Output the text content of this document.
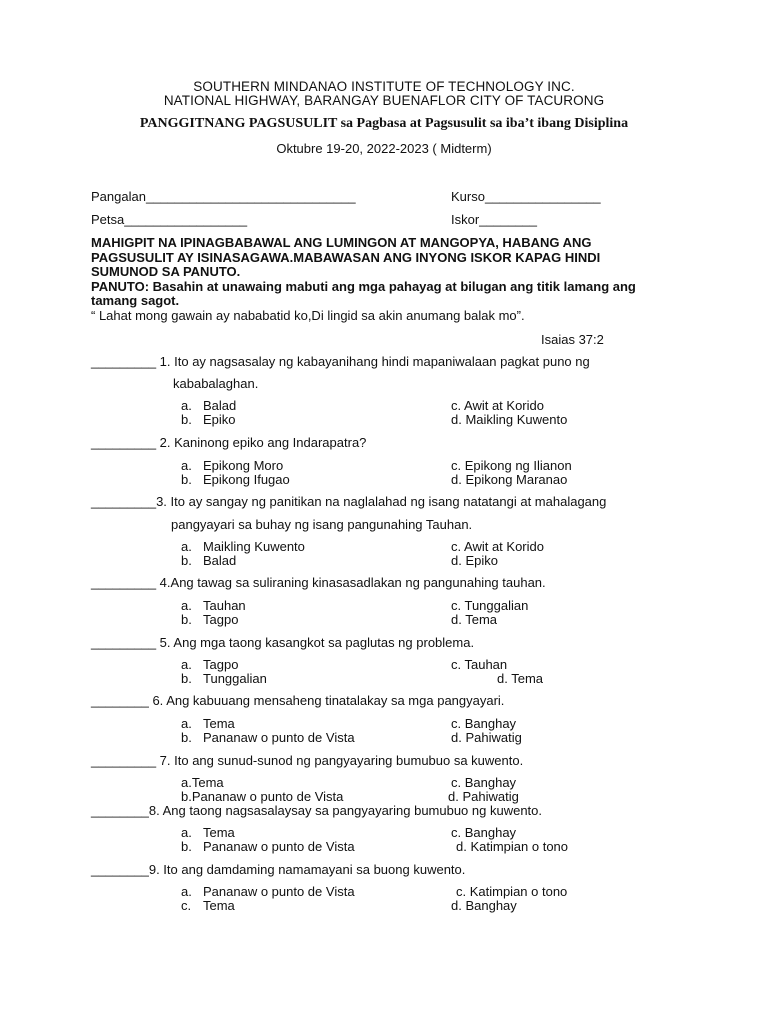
SOUTHERN MINDANAO INSTITUTE OF TECHNOLOGY INC.
NATIONAL HIGHWAY, BARANGAY BUENAFLOR CITY OF TACURONG
PANGGITNANG PAGSUSULIT sa Pagbasa at Pagsusulit sa iba’t ibang Disiplina
Oktubre 19-20, 2022-2023 ( Midterm)
Pangalan_____________________________	Kurso________________
Petsa_________________	Iskor________
MAHIGPIT NA IPINAGBABAWAL ANG LUMINGON AT MANGOPYA, HABANG ANG
PAGSUSULIT AY ISINASAGAWA.MABAWASAN ANG INYONG ISKOR KAPAG HINDI
SUMUNOD SA PANUTO.
PANUTO: Basahin at unawaing mabuti ang mga pahayag at bilugan ang titik lamang ang
tamang sagot.
“ Lahat mong gawain ay nababatid ko,Di lingid sa akin anumang balak mo”.
Isaias 37:2
_________ 1. Ito ay nagsasalay ng kabayanihang hindi mapaniwalaan pagkat puno ng
kababalaghan.
a. Balad	c. Awit at Korido
b. Epiko	d. Maikling Kuwento
_________ 2. Kaninong epiko ang Indarapatra?
a. Epikong Moro	c. Epikong ng Ilianon
b. Epikong Ifugao	d. Epikong Maranao
_________3. Ito ay sangay ng panitikan na naglalahad ng isang natatangi at mahalagang
pangyayari sa buhay ng isang pangunahing Tauhan.
a. Maikling Kuwento	c. Awit at Korido
b. Balad	d. Epiko
_________ 4.Ang tawag sa suliraning kinasasadlakan ng pangunahing tauhan.
a. Tauhan	c. Tunggalian
b. Tagpo	d. Tema
_________ 5. Ang mga taong kasangkot sa paglutas ng problema.
a. Tagpo	c. Tauhan
b. Tunggalian	d. Tema
________ 6. Ang kabuuang mensaheng tinatalakay sa mga pangyayari.
a. Tema	c. Banghay
b. Pananaw o punto de Vista	d. Pahiwatig
_________ 7. Ito ang sunud-sunod ng pangyayaring bumubuo sa kuwento.
a.Tema	c. Banghay
b.Pananaw o punto de Vista	d. Pahiwatig
________8. Ang taong nagsasalaysay sa pangyayaring bumubuo ng kuwento.
a. Tema	c. Banghay
b. Pananaw o punto de Vista	d. Katimpian o tono
________9. Ito ang damdaming namamayani sa buong kuwento.
a. Pananaw o punto de Vista	c. Katimpian o tono
c. Tema	d. Banghay
